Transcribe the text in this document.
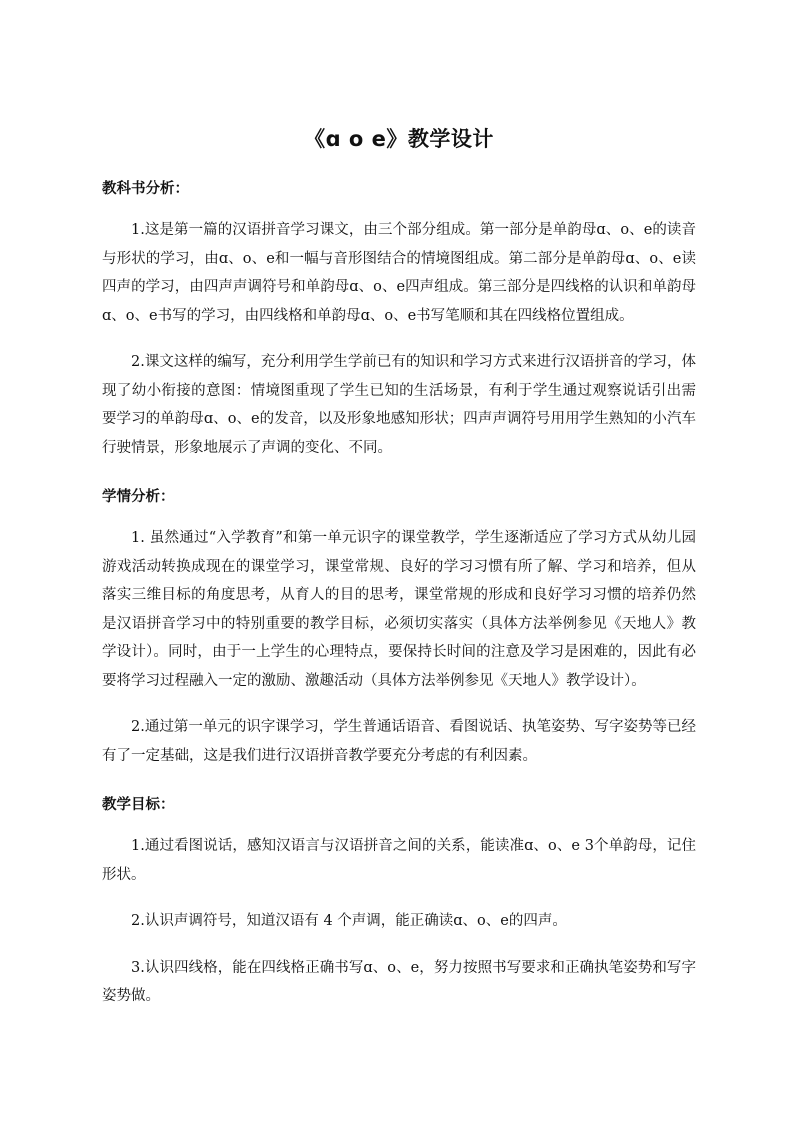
《ɑ o e》教学设计
教科书分析：

1.这是第一篇的汉语拼音学习课文，由三个部分组成。第一部分是单韵母ɑ、o、e的读音与形状的学习，由ɑ、o、e和一幅与音形图结合的情境图组成。第二部分是单韵母ɑ、o、e读四声的学习，由四声声调符号和单韵母ɑ、o、e四声组成。第三部分是四线格的认识和单韵母ɑ、o、e书写的学习，由四线格和单韵母ɑ、o、e书写笔顺和其在四线格位置组成。

2.课文这样的编写，充分利用学生学前已有的知识和学习方式来进行汉语拼音的学习，体现了幼小衔接的意图：情境图重现了学生已知的生活场景，有利于学生通过观察说话引出需要学习的单韵母ɑ、o、e的发音，以及形象地感知形状；四声声调符号用用学生熟知的小汽车行驶情景，形象地展示了声调的变化、不同。

学情分析：

1. 虽然通过“入学教育”和第一单元识字的课堂教学，学生逐渐适应了学习方式从幼儿园游戏活动转换成现在的课堂学习，课堂常规、良好的学习习惯有所了解、学习和培养，但从落实三维目标的角度思考，从育人的目的思考，课堂常规的形成和良好学习习惯的培养仍然是汉语拼音学习中的特别重要的教学目标，必须切实落实（具体方法举例参见《天地人》教学设计）。同时，由于一上学生的心理特点，要保持长时间的注意及学习是困难的，因此有必要将学习过程融入一定的激励、激趣活动（具体方法举例参见《天地人》教学设计）。

2.通过第一单元的识字课学习，学生普通话语音、看图说话、执笔姿势、写字姿势等已经有了一定基础，这是我们进行汉语拼音教学要充分考虑的有利因素。

教学目标：

1.通过看图说话，感知汉语言与汉语拼音之间的关系，能读准ɑ、o、e 3个单韵母，记住形状。

2.认识声调符号，知道汉语有 4 个声调，能正确读ɑ、o、e的四声。

3.认识四线格，能在四线格正确书写ɑ、o、e，努力按照书写要求和正确执笔姿势和写字姿势做。
